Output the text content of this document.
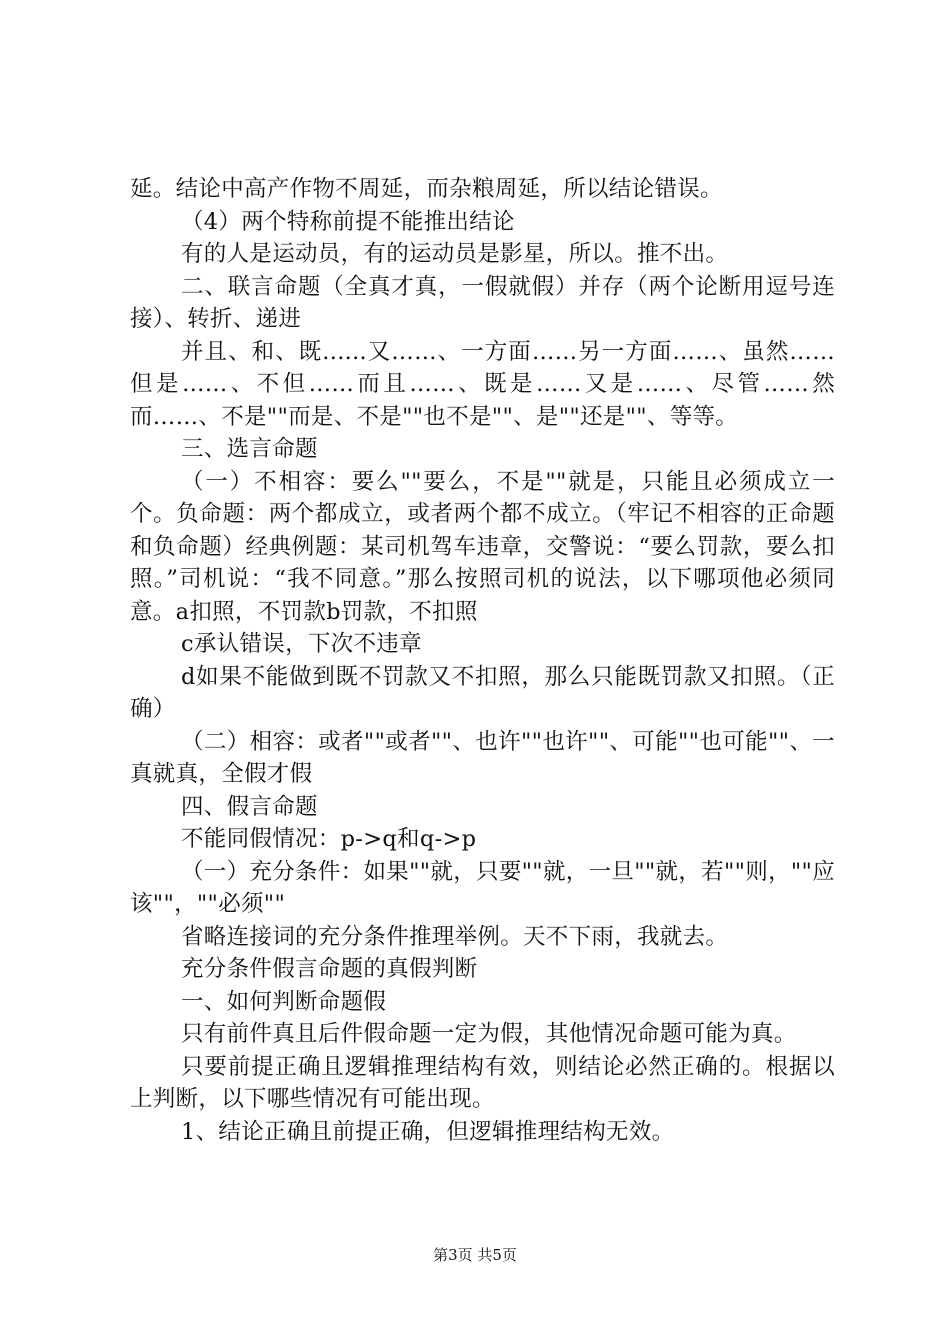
延。结论中高产作物不周延，而杂粮周延，所以结论错误。

（4）两个特称前提不能推出结论

有的人是运动员，有的运动员是影星，所以。推不出。

二、联言命题（全真才真，一假就假）并存（两个论断用逗号连接）、转折、递进

并且、和、既......又……、一方面……另一方面……、虽然……但是……、不但……而且……、既是……又是……、尽管……然而……、不是""而是、不是""也不是""、是""还是""、等等。

三、选言命题

（一）不相容：要么""要么，不是""就是，只能且必须成立一个。负命题：两个都成立，或者两个都不成立。（牢记不相容的正命题和负命题）经典例题：某司机驾车违章，交警说：“要么罚款，要么扣照。”司机说：“我不同意。”那么按照司机的说法，以下哪项他必须同意。a扣照，不罚款b罚款，不扣照

c承认错误，下次不违章

d如果不能做到既不罚款又不扣照，那么只能既罚款又扣照。（正确）

（二）相容：或者""或者""、也许""也许""、可能""也可能""、一真就真，全假才假

四、假言命题

不能同假情况：p->q和q->p

（一）充分条件：如果""就，只要""就，一旦""就，若""则，""应该""，""必须""

省略连接词的充分条件推理举例。天不下雨，我就去。

充分条件假言命题的真假判断

一、如何判断命题假

只有前件真且后件假命题一定为假，其他情况命题可能为真。

只要前提正确且逻辑推理结构有效，则结论必然正确的。根据以上判断，以下哪些情况有可能出现。

1、结论正确且前提正确，但逻辑推理结构无效。

第3页 共5页
